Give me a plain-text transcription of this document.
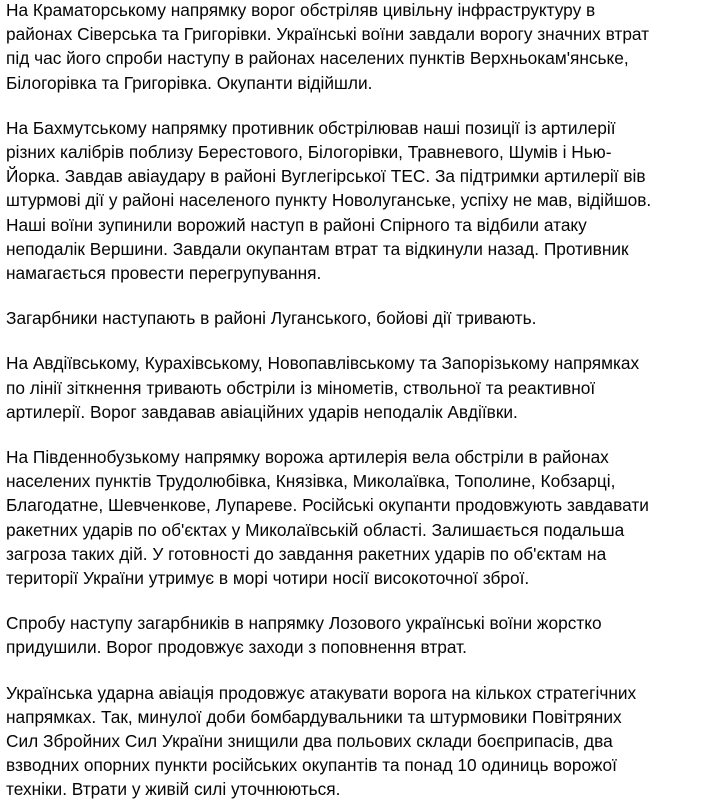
На Краматорському напрямку ворог обстріляв цивільну інфраструктуру в
районах Сіверська та Григорівки. Українські воїни завдали ворогу значних втрат
під час його спроби наступу в районах населених пунктів Верхньокам'янське,
Білогорівка та Григорівка. Окупанти відійшли.

На Бахмутському напрямку противник обстрілював наші позиції із артилерії
різних калібрів поблизу Берестового, Білогорівки, Травневого, Шумів і Нью-
Йорка. Завдав авіаудару в районі Вуглегірської ТЕС. За підтримки артилерії вів
штурмові дії у районі населеного пункту Новолуганське, успіху не мав, відійшов.
Наші воїни зупинили ворожий наступ в районі Спірного та відбили атаку
неподалік Вершини. Завдали окупантам втрат та відкинули назад. Противник
намагається провести перегрупування.

Загарбники наступають в районі Луганського, бойові дії тривають.

На Авдіївському, Курахівському, Новопавлівському та Запорізькому напрямках
по лінії зіткнення тривають обстріли із мінометів, ствольної та реактивної
артилерії. Ворог завдавав авіаційних ударів неподалік Авдіївки.

На Південнобузькому напрямку ворожа артилерія вела обстріли в районах
населених пунктів Трудолюбівка, Князівка, Миколаївка, Тополине, Кобзарці,
Благодатне, Шевченкове, Лупареве. Російські окупанти продовжують завдавати
ракетних ударів по об'єктах у Миколаївській області. Залишається подальша
загроза таких дій. У готовності до завдання ракетних ударів по об'єктам на
території України утримує в морі чотири носії високоточної зброї.

Спробу наступу загарбників в напрямку Лозового українські воїни жорстко
придушили. Ворог продовжує заходи з поповнення втрат.

Українська ударна авіація продовжує атакувати ворога на кількох стратегічних
напрямках. Так, минулої доби бомбардувальники та штурмовики Повітряних
Сил Збройних Сил України знищили два польових склади боєприпасів, два
взводних опорних пункти російських окупантів та понад 10 одиниць ворожої
техніки. Втрати у живій силі уточнюються.
